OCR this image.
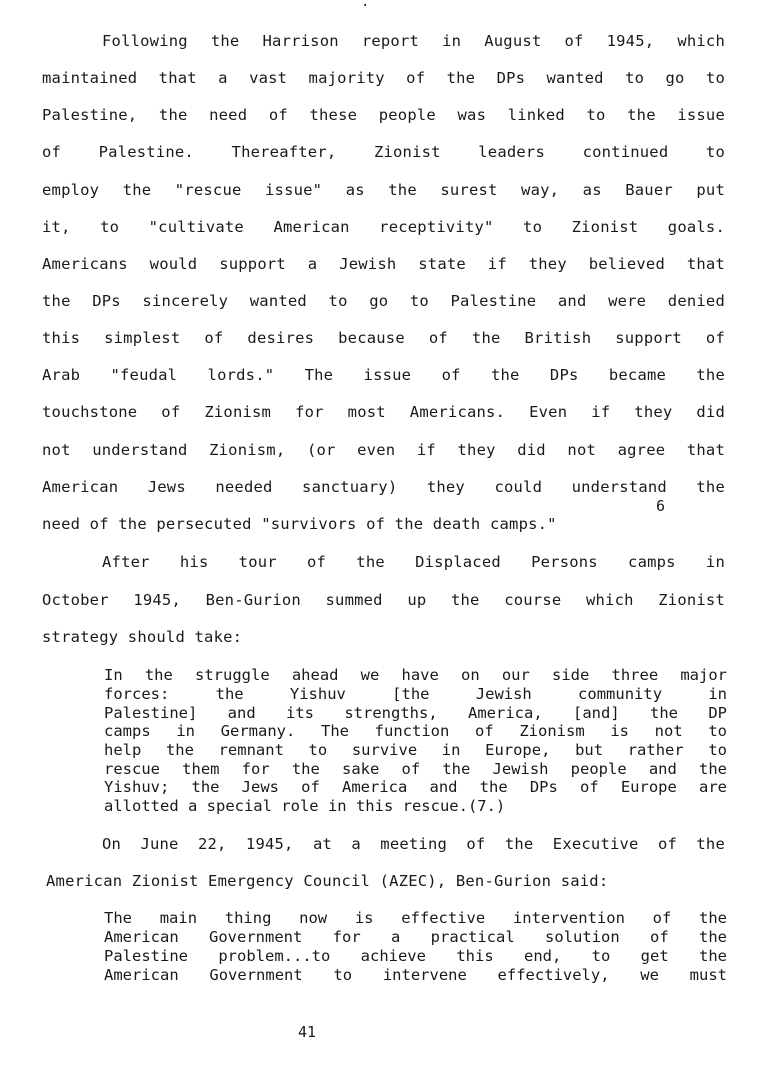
.
Following the Harrison report in August of 1945, which
maintained that a vast majority of the DPs wanted to go to
Palestine, the need of these people was linked to the issue
of Palestine. Thereafter, Zionist leaders continued to
employ the "rescue issue" as the surest way, as Bauer put
it, to "cultivate American receptivity" to Zionist goals.
Americans would support a Jewish state if they believed that
the DPs sincerely wanted to go to Palestine and were denied
this simplest of desires because of the British support of
Arab "feudal lords." The issue of the DPs became the
touchstone of Zionism for most Americans. Even if they did
not understand Zionism, (or even if they did not agree that
American Jews needed sanctuary) they could understand the
6
need of the persecuted "survivors of the death camps."
After his tour of the Displaced Persons camps in
October 1945, Ben-Gurion summed up the course which Zionist
strategy should take:
In the struggle ahead we have on our side three major
forces: the Yishuv [the Jewish community in
Palestine] and its strengths, America, [and] the DP
camps in Germany. The function of Zionism is not to
help the remnant to survive in Europe, but rather to
rescue them for the sake of the Jewish people and the
Yishuv; the Jews of America and the DPs of Europe are
allotted a special role in this rescue.(7.)
On June 22, 1945, at a meeting of the Executive of the
American Zionist Emergency Council (AZEC), Ben-Gurion said:
The main thing now is effective intervention of the
American Government for a practical solution of the
Palestine problem...to achieve this end, to get the
American Government to intervene effectively, we must
41
